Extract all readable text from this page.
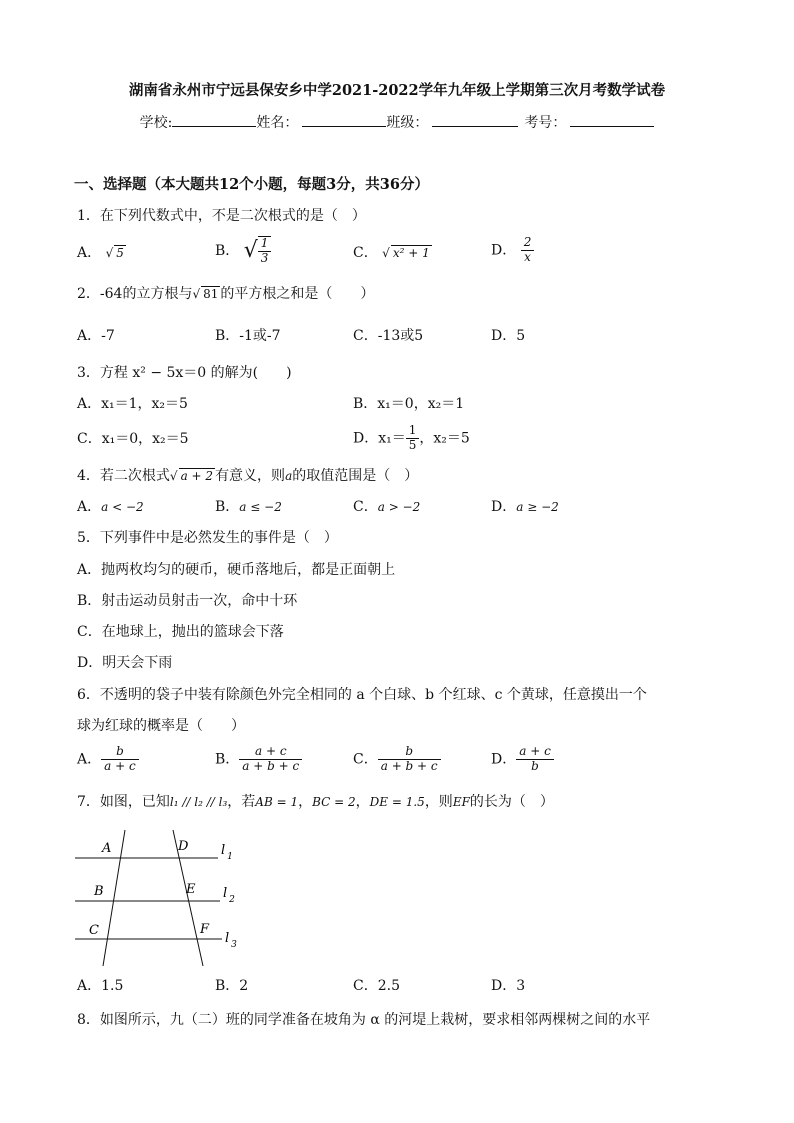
湖南省永州市宁远县保安乡中学2021-2022学年九年级上学期第三次月考数学试卷
学校:	姓名：	班级：	考号：
一、选择题（本大题共12个小题，每题3分，共36分）
1．在下列代数式中，不是二次根式的是（　）
A． √ 5	B． √ $\frac{1}{3}$	C． √ x² + 1	D． $\frac{2}{x}$
2．-64的立方根与√ 81 的平方根之和是（　　）
A．-7	B．-1或-7	C．-13或5	D．5
3．方程 x² − 5x＝0 的解为(　　)
A．x₁＝1，x₂＝5	B．x₁＝0，x₂＝1
C．x₁＝0，x₂＝5	D．$x_1= \frac{1}{5}$ ，x₂＝5
4．若二次根式√ a + 2 有意义，则a的取值范围是（　）
A．a < −2	B．a ≤ −2	C．a > −2	D．a ≥ −2
5．下列事件中是必然发生的事件是（　）
A．抛两枚均匀的硬币，硬币落地后，都是正面朝上
B．射击运动员射击一次，命中十环
C．在地球上，抛出的篮球会下落
D．明天会下雨
6．不透明的袋子中装有除颜色外完全相同的 a 个白球、b 个红球、c 个黄球，任意摸出一个
球为红球的概率是（　　）
A． $\frac{b}{a + c}$	B． $\frac{a + c}{a + b + c}$	C． $\frac{b}{a + b + c}$	D． $\frac{a + c}{b}$
7．如图，已知l₁ // l₂ // l₃，若AB = 1，BC = 2，DE = 1.5，则EF的长为（　）
A	D
B	E
C	F
l $_1$
l $_2$
l $_3$
A．1.5	B．2	C．2.5	D．3
8．如图所示，九（二）班的同学准备在坡角为 α 的河堤上栽树，要求相邻两棵树之间的水平
